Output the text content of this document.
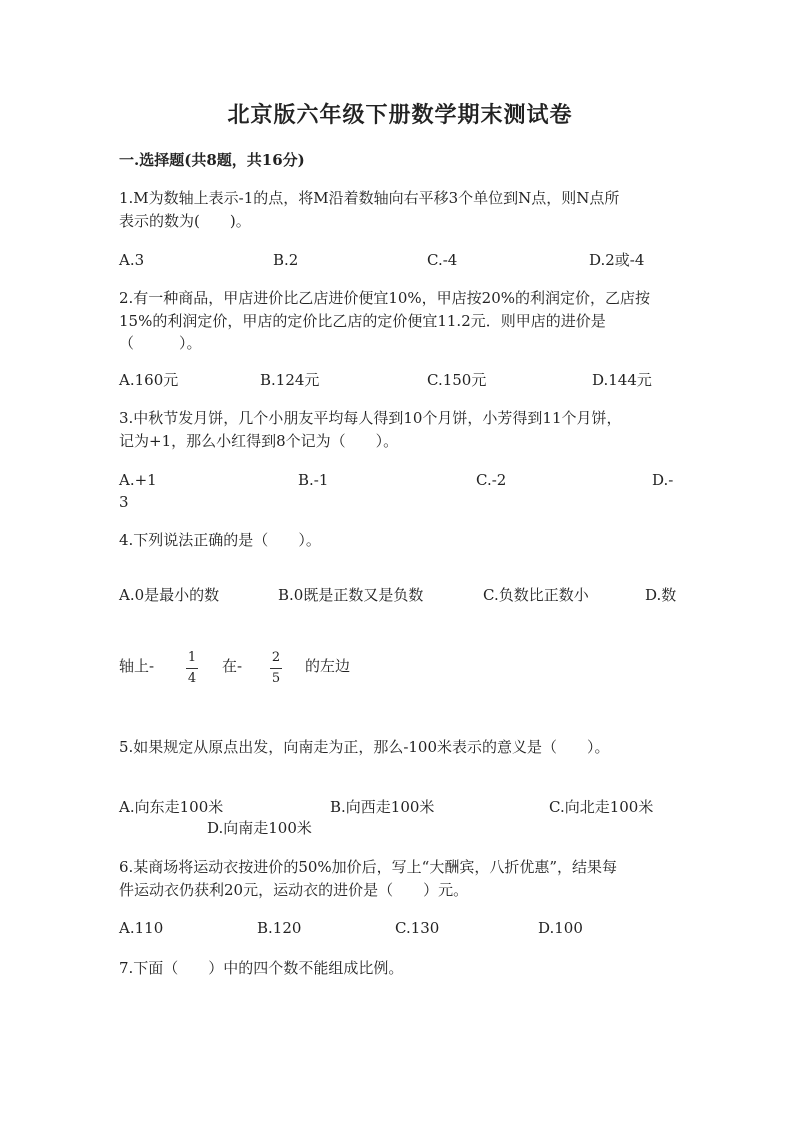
北京版六年级下册数学期末测试卷
一.选择题(共8题，共16分)
1.M为数轴上表示-1的点，将M沿着数轴向右平移3个单位到N点，则N点所
表示的数为(　　)。
A.3	B.2	C.-4	D.2或-4
2.有一种商品，甲店进价比乙店进价便宜10%，甲店按20%的利润定价，乙店按
15%的利润定价，甲店的定价比乙店的定价便宜11.2元．则甲店的进价是
（　　　）。
A.160元	B.124元	C.150元	D.144元
3.中秋节发月饼，几个小朋友平均每人得到10个月饼，小芳得到11个月饼，
记为+1，那么小红得到8个记为（　　）。
A.+1	B.-1	C.-2	D.-
3
4.下列说法正确的是（　　）。
A.0是最小的数	B.0既是正数又是负数	C.负数比正数小	D.数
轴上-	1
4
在- 2
5
的左边
5.如果规定从原点出发，向南走为正，那么-100米表示的意义是（　　）。
A.向东走100米	B.向西走100米	C.向北走100米
D.向南走100米
6.某商场将运动衣按进价的50%加价后，写上“大酬宾，八折优惠”，结果每
件运动衣仍获利20元，运动衣的进价是（　　）元。
A.110	B.120	C.130	D.100
7.下面（　　）中的四个数不能组成比例。
